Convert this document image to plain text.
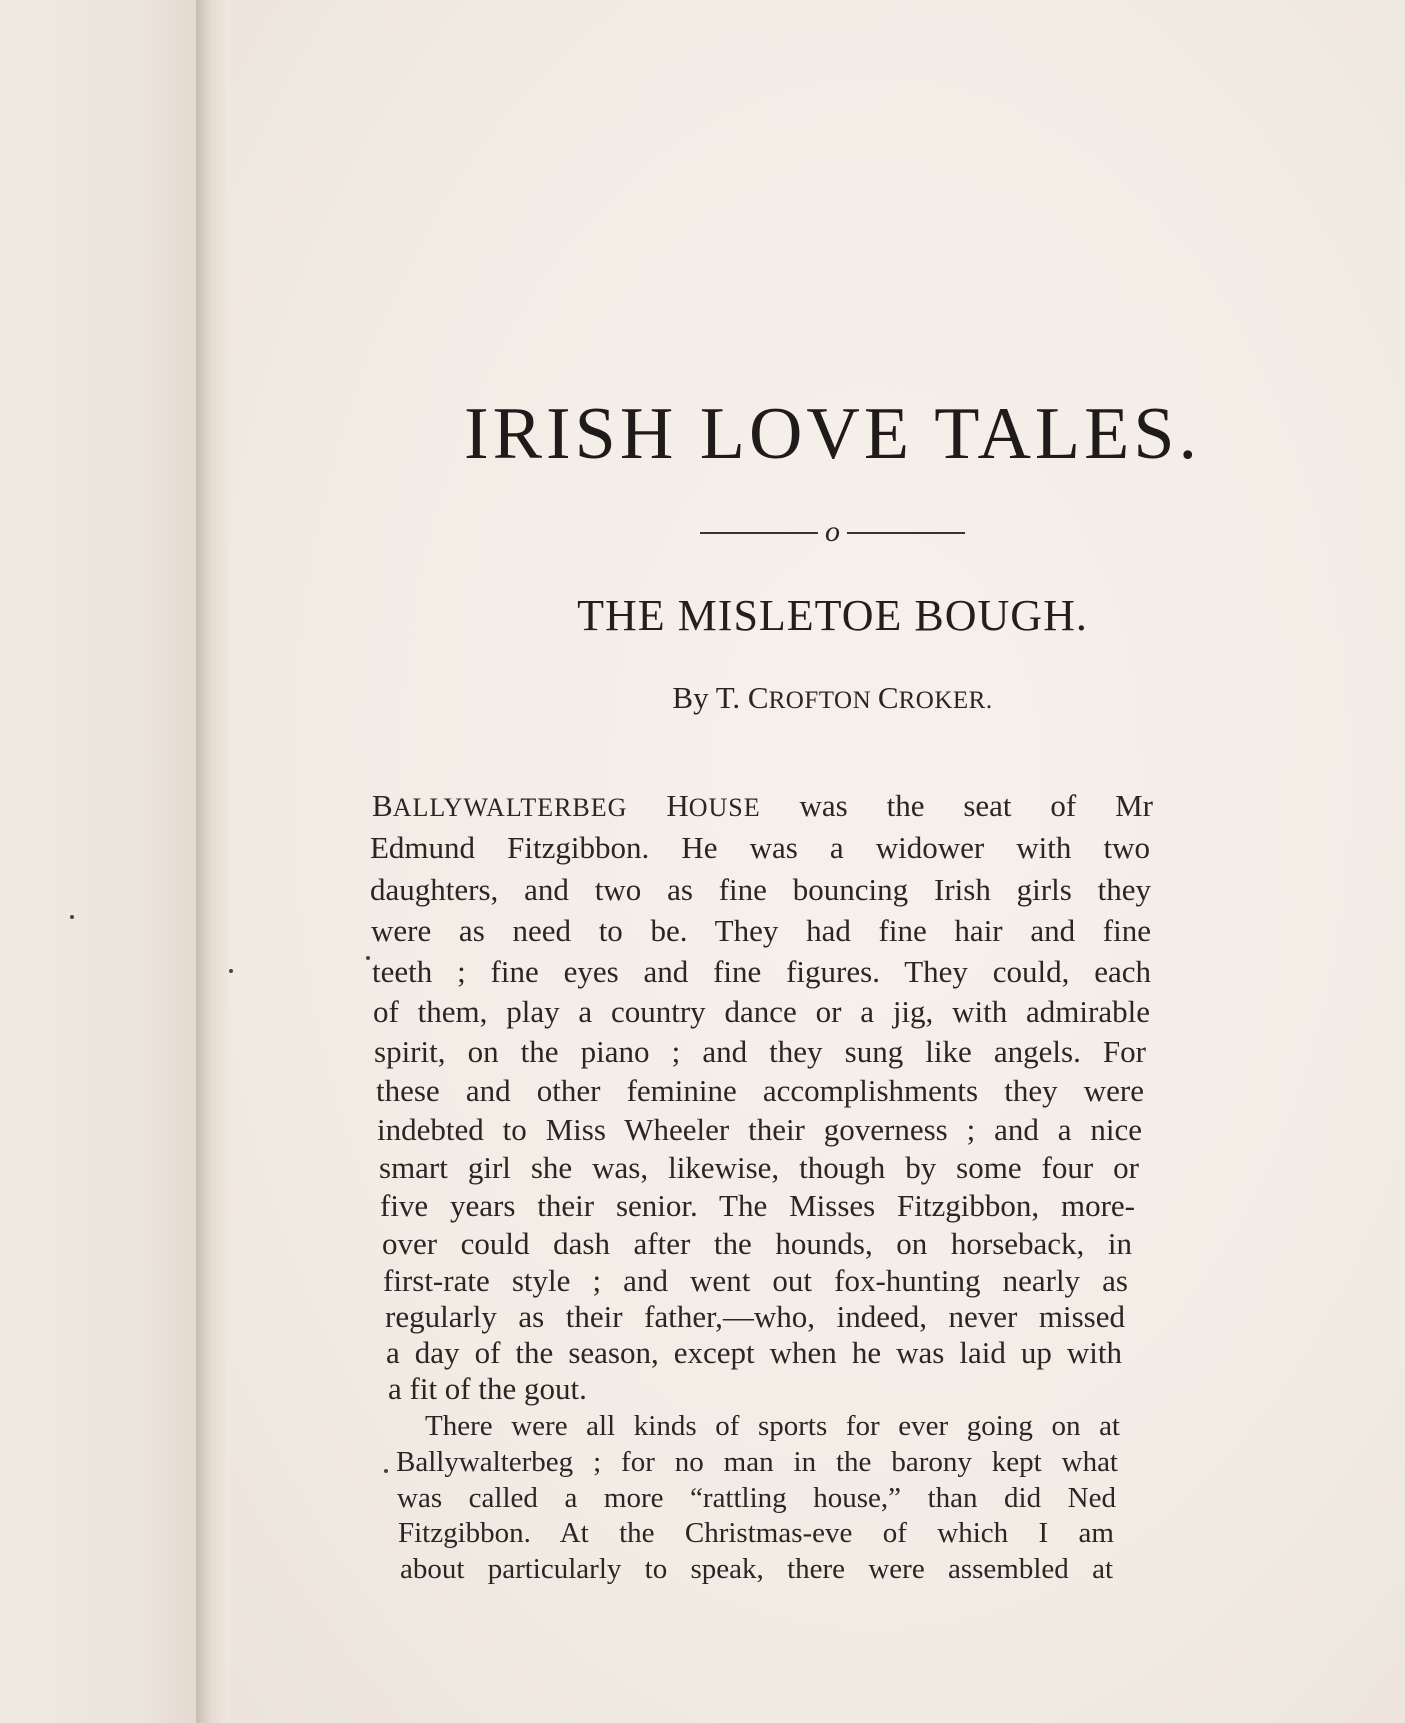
o
IRISH LOVE TALES.
THE MISLETOE BOUGH.
By T. CROFTON CROKER.
BALLYWALTERBEG HOUSE was the seat of Mr
Edmund Fitzgibbon. He was a widower with two
daughters, and two as fine bouncing Irish girls they
were as need to be. They had fine hair and fine
teeth ; fine eyes and fine figures. They could, each
of them, play a country dance or a jig, with admirable
spirit, on the piano ; and they sung like angels. For
these and other feminine accomplishments they were
indebted to Miss Wheeler their governess ; and a nice
smart girl she was, likewise, though by some four or
five years their senior. The Misses Fitzgibbon, more-
over could dash after the hounds, on horseback, in
first-rate style ; and went out fox-hunting nearly as
regularly as their father,—who, indeed, never missed
a day of the season, except when he was laid up with
a fit of the gout.
There were all kinds of sports for ever going on at
Ballywalterbeg ; for no man in the barony kept what
was called a more “rattling house,” than did Ned
Fitzgibbon. At the Christmas-eve of which I am
about particularly to speak, there were assembled at
